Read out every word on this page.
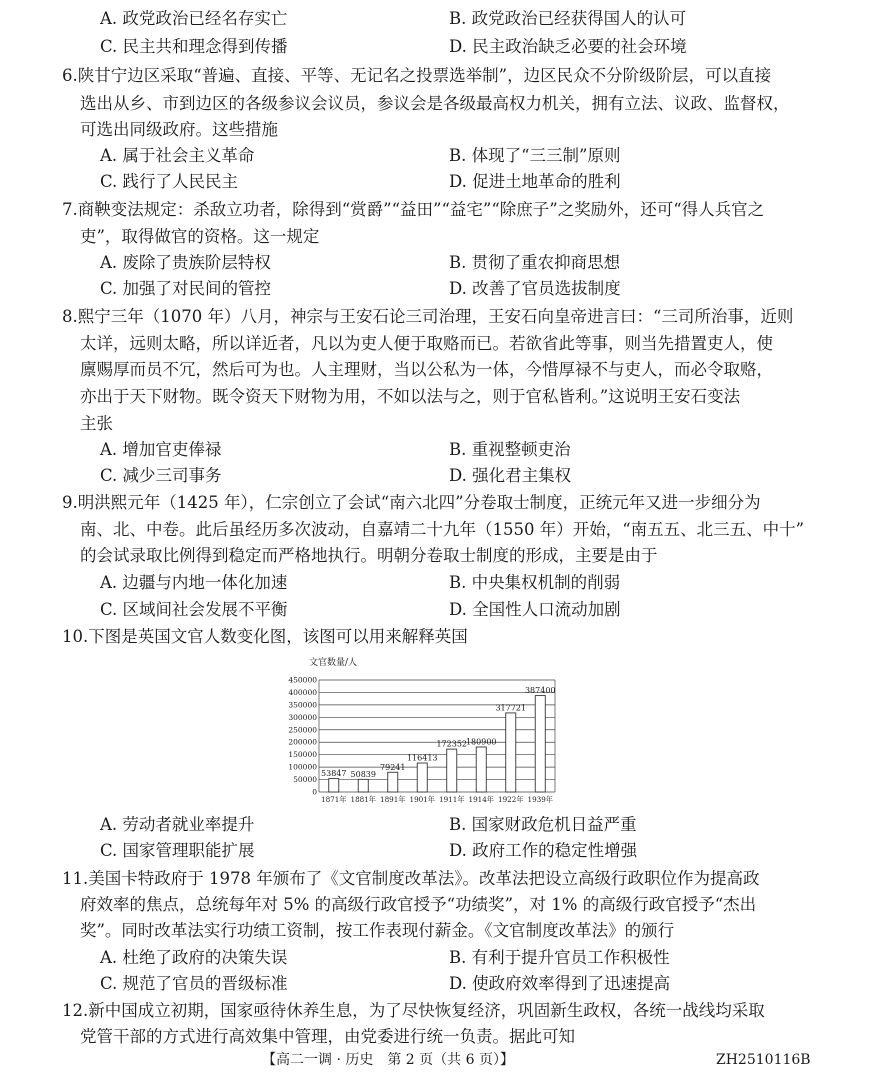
A. 政党政治已经名存实亡	B. 政党政治已经获得国人的认可
C. 民主共和理念得到传播	D. 民主政治缺乏必要的社会环境
6.陕甘宁边区采取“普遍、直接、平等、无记名之投票选举制”，边区民众不分阶级阶层，可以直接
选出从乡、市到边区的各级参议会议员，参议会是各级最高权力机关，拥有立法、议政、监督权，
可选出同级政府。这些措施
A. 属于社会主义革命	B. 体现了“三三制”原则
C. 践行了人民民主	D. 促进土地革命的胜利
7.商鞅变法规定：杀敌立功者，除得到“赏爵”“益田”“益宅”“除庶子”之奖励外，还可“得人兵官之
吏”，取得做官的资格。这一规定
A. 废除了贵族阶层特权	B. 贯彻了重农抑商思想
C. 加强了对民间的管控	D. 改善了官员选拔制度
8.熙宁三年（1070 年）八月，神宗与王安石论三司治理，王安石向皇帝进言曰：“三司所治事，近则
太详，远则太略，所以详近者，凡以为吏人便于取赂而已。若欲省此等事，则当先措置吏人，使
廪赐厚而员不冗，然后可为也。人主理财，当以公私为一体，今惜厚禄不与吏人，而必令取赂，
亦出于天下财物。既令资天下财物为用，不如以法与之，则于官私皆利。”这说明王安石变法
主张
A. 增加官吏俸禄	B. 重视整顿吏治
C. 减少三司事务	D. 强化君主集权
9.明洪熙元年（1425 年），仁宗创立了会试“南六北四”分卷取士制度，正统元年又进一步细分为
南、北、中卷。此后虽经历多次波动，自嘉靖二十九年（1550 年）开始，“南五五、北三五、中十”
的会试录取比例得到稳定而严格地执行。明朝分卷取士制度的形成，主要是由于
A. 边疆与内地一体化加速	B. 中央集权机制的削弱
C. 区域间社会发展不平衡	D. 全国性人口流动加剧
10.下图是英国文官人数变化图，该图可以用来解释英国
文官数量/人
450000
400000
350000
300000
250000
200000
150000
100000
50000
0
53847 50839
79241
116413
172352
180900
317721
387400
1871年 1881年 1891年 1901年 1911年 1914年 1922年 1939年
A. 劳动者就业率提升	B. 国家财政危机日益严重
C. 国家管理职能扩展	D. 政府工作的稳定性增强
11.美国卡特政府于 1978 年颁布了《文官制度改革法》。改革法把设立高级行政职位作为提高政
府效率的焦点，总统每年对 5% 的高级行政官授予“功绩奖”，对 1% 的高级行政官授予“杰出
奖”。同时改革法实行功绩工资制，按工作表现付薪金。《文官制度改革法》的颁行
A. 杜绝了政府的决策失误	B. 有利于提升官员工作积极性
C. 规范了官员的晋级标准	D. 使政府效率得到了迅速提高
12.新中国成立初期，国家亟待休养生息，为了尽快恢复经济，巩固新生政权，各统一战线均采取
党管干部的方式进行高效集中管理，由党委进行统一负责。据此可知
【高二一调 · 历史　第 2 页（共 6 页）】	ZH2510116B
